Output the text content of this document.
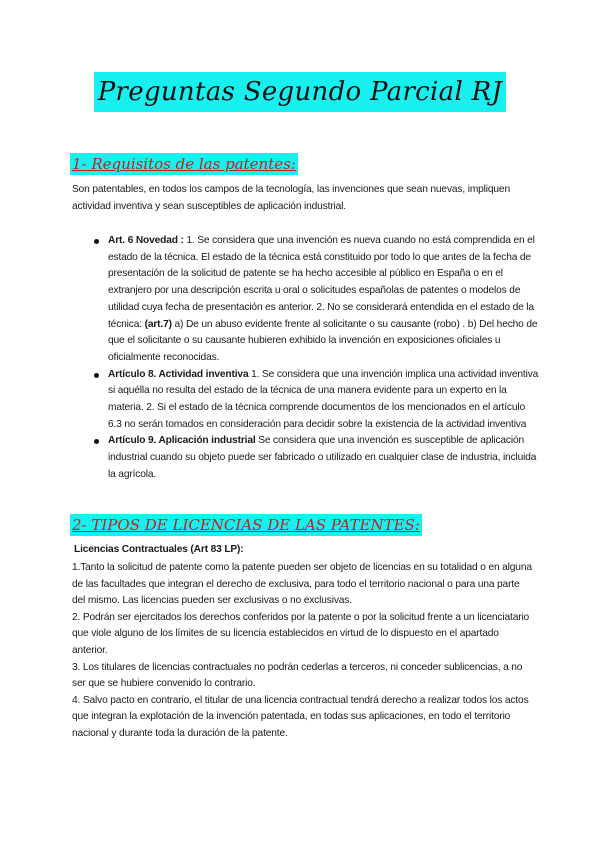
Preguntas Segundo Parcial RJ
1- Requisitos de las patentes:
Son patentables, en todos los campos de la tecnología, las invenciones que sean nuevas, impliquen actividad inventiva y sean susceptibles de aplicación industrial.
Art. 6 Novedad : 1. Se considera que una invención es nueva cuando no está comprendida en el estado de la técnica. El estado de la técnica está constituido por todo lo que antes de la fecha de presentación de la solicitud de patente se ha hecho accesible al público en España o en el extranjero por una descripción escrita u oral o solicitudes españolas de patentes o modelos de utilidad cuya fecha de presentación es anterior. 2. No se considerará entendida en el estado de la técnica: (art.7) a) De un abuso evidente frente al solicitante o su causante (robo) . b) Del hecho de que el solicitante o su causante hubieren exhibido la invención en exposiciones oficiales u oficialmente reconocidas.
Artículo 8. Actividad inventiva 1. Se considera que una invención implica una actividad inventiva si aquélla no resulta del estado de la técnica de una manera evidente para un experto en la materia. 2. Si el estado de la técnica comprende documentos de los mencionados en el artículo 6.3 no serán tomados en consideración para decidir sobre la existencia de la actividad inventiva
Artículo 9. Aplicación industrial Se considera que una invención es susceptible de aplicación industrial cuando su objeto puede ser fabricado o utilizado en cualquier clase de industria, incluida la agrícola.
2- TIPOS DE LICENCIAS DE LAS PATENTES:
Licencias Contractuales (Art 83 LP):

1.Tanto la solicitud de patente como la patente pueden ser objeto de licencias en su totalidad o en alguna de las facultades que integran el derecho de exclusiva, para todo el territorio nacional o para una parte del mismo. Las licencias pueden ser exclusivas o no exclusivas.

2. Podrán ser ejercitados los derechos conferidos por la patente o por la solicitud frente a un licenciatario que viole alguno de los límites de su licencia establecidos en virtud de lo dispuesto en el apartado anterior.

3. Los titulares de licencias contractuales no podrán cederlas a terceros, ni conceder sublicencias, a no ser que se hubiere convenido lo contrario.

4. Salvo pacto en contrario, el titular de una licencia contractual tendrá derecho a realizar todos los actos que integran la explotación de la invención patentada, en todas sus aplicaciones, en todo el territorio nacional y durante toda la duración de la patente.
